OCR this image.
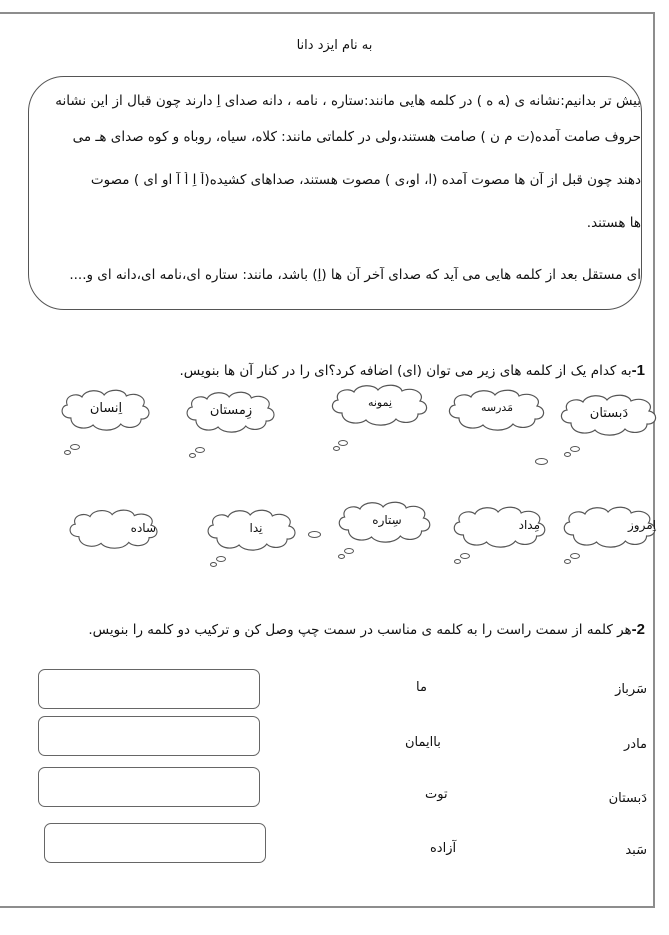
به نام ایزد دانا
بیش تر بدانیم:نشانه ی (ﻪ ه ) در کلمه هایی مانند:ستاره ، نامه ، دانه صدای اِ دارند چون قبال از این نشانه
حروف صامت آمده(ت م ن ) صامت هستند،ولی در کلماتی مانند: کلاه، سیاه، روباه و کوه صدای هـ می
دهند چون قبل از آن ها مصوت آمده (ا، او،ی ) مصوت هستند، صداهای کشیده(اَ اِ اُ آ او ای ) مصوت
ها هستند.
ای مستقل بعد از کلمه هایی می آید که صدای آخر آن ها (اِ) باشد، مانند: ستاره ای،نامه ای،دانه ای و....
1-به کدام یک از کلمه های زیر می توان (ای) اضافه کرد؟ای را در کنار آن ها بنویس.
دَبستان
مَدرسه
نِمونه
زِمستان
اِنسان
اِمروز
مِداد
سِتاره
نِدا
ساده
2-هر کلمه از سمت راست را به کلمه ی مناسب در سمت چپ وصل کن و ترکیب دو کلمه را بنویس.
سَرباز
مادر
دَبستان
سَبد
ما
باایمان
توت
آزاده
